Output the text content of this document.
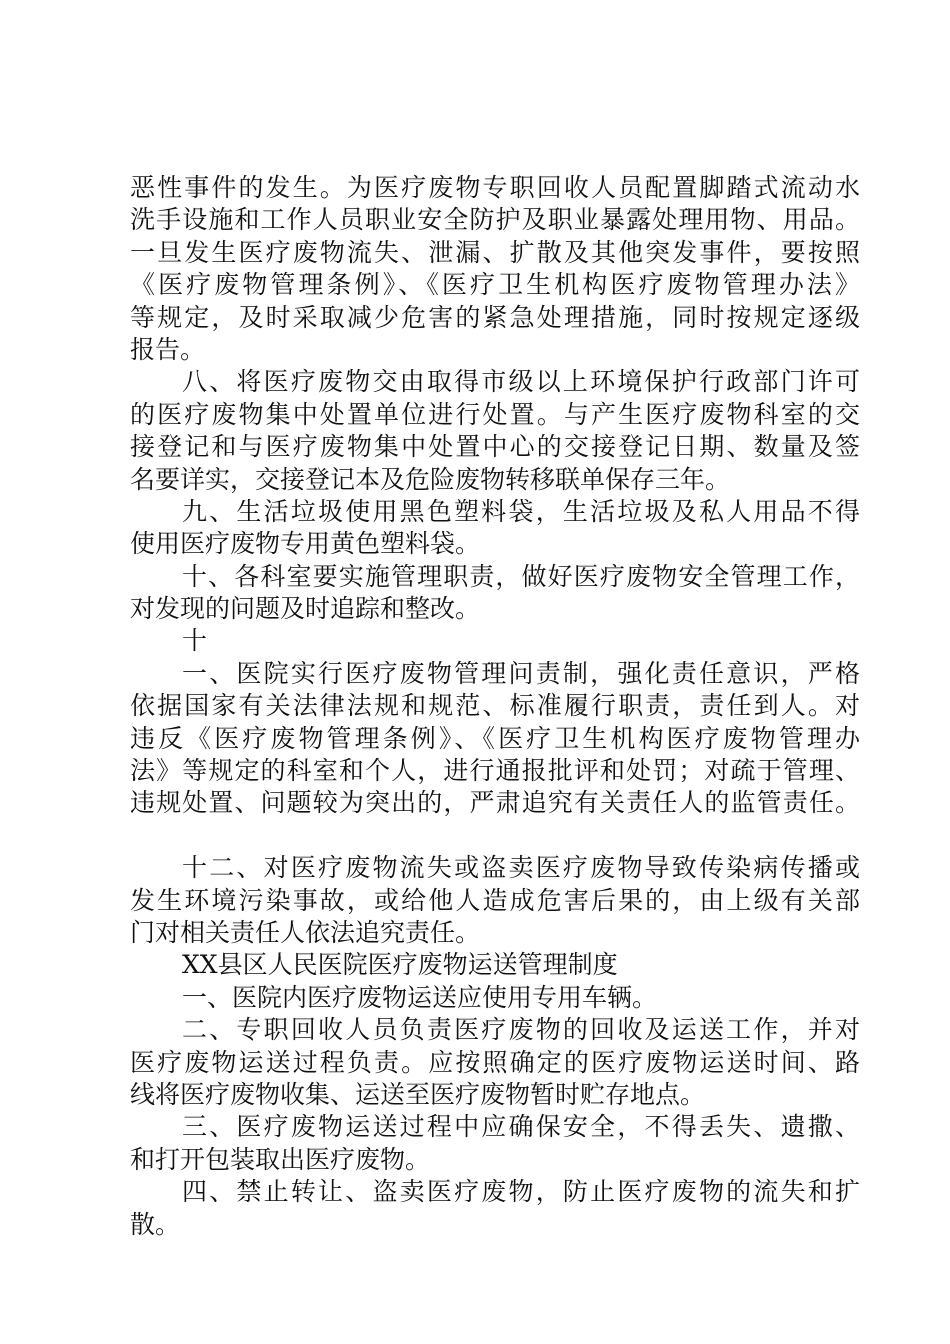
恶性事件的发生。为医疗废物专职回收人员配置脚踏式流动水
洗手设施和工作人员职业安全防护及职业暴露处理用物、用品。
一旦发生医疗废物流失、泄漏、扩散及其他突发事件，要按照
《医疗废物管理条例》、《医疗卫生机构医疗废物管理办法》
等规定，及时采取减少危害的紧急处理措施，同时按规定逐级
报告。
八、将医疗废物交由取得市级以上环境保护行政部门许可
的医疗废物集中处置单位进行处置。与产生医疗废物科室的交
接登记和与医疗废物集中处置中心的交接登记日期、数量及签
名要详实，交接登记本及危险废物转移联单保存三年。
九、生活垃圾使用黑色塑料袋，生活垃圾及私人用品不得
使用医疗废物专用黄色塑料袋。
十、各科室要实施管理职责，做好医疗废物安全管理工作，
对发现的问题及时追踪和整改。
十
一、医院实行医疗废物管理问责制，强化责任意识，严格
依据国家有关法律法规和规范、标准履行职责，责任到人。对
违反《医疗废物管理条例》、《医疗卫生机构医疗废物管理办
法》等规定的科室和个人，进行通报批评和处罚；对疏于管理、
违规处置、问题较为突出的，严肃追究有关责任人的监管责任。
十二、对医疗废物流失或盗卖医疗废物导致传染病传播或
发生环境污染事故，或给他人造成危害后果的，由上级有关部
门对相关责任人依法追究责任。
XX县区人民医院医疗废物运送管理制度
一、医院内医疗废物运送应使用专用车辆。
二、专职回收人员负责医疗废物的回收及运送工作，并对
医疗废物运送过程负责。应按照确定的医疗废物运送时间、路
线将医疗废物收集、运送至医疗废物暂时贮存地点。
三、医疗废物运送过程中应确保安全，不得丢失、遗撒、
和打开包装取出医疗废物。
四、禁止转让、盗卖医疗废物，防止医疗废物的流失和扩
散。
